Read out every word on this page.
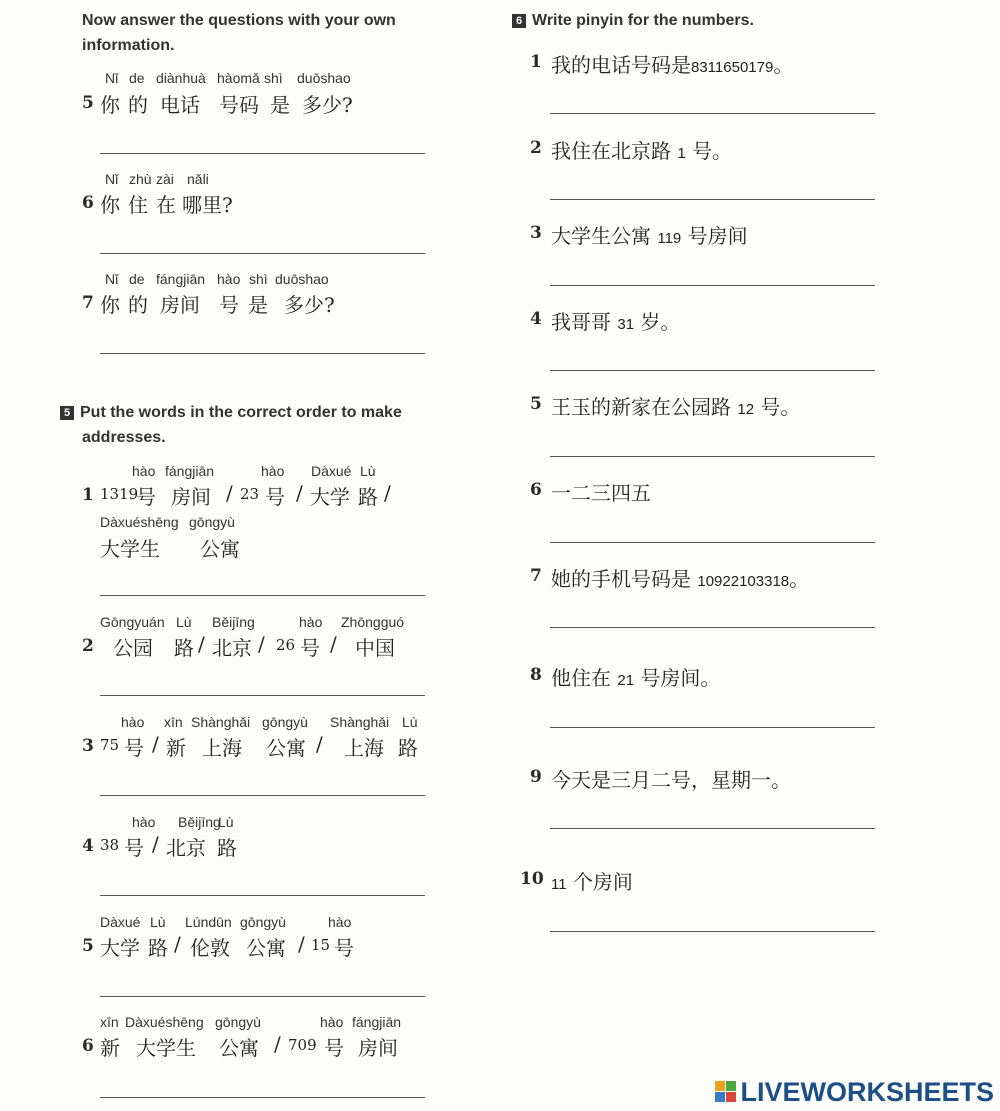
Now answer the questions with your own
information.
Nǐ de diànhuà hàomǎ shì duōshao
5 你 的 电话 号码 是 多少?
Nǐ zhù zài nǎli
6 你 住 在 哪里?
Nǐ de fángjiān hào shì duōshao
7 你 的 房间 号 是 多少?
5 Put the words in the correct order to make
addresses.
hào fángjiān	hào Dàxué Lù
1 1319
号 房间 / 23 号 / 大学 路 /
Dàxuéshēng gōngyù
大学生 公寓
Gōngyuán Lù Běijīng	hào Zhōngguó
2 公园 路 / 北京 / 26 号 / 中国
hào xīn Shànghǎi gōngyù Shànghǎi Lù
3 75 号 / 新 上海 公寓 / 上海 路
hào Běijīng
Lù
4 38 号 / 北京 路
Dàxué Lù Lúndūn gōngyù	hào
5 大学 路 / 伦敦 公寓 / 15 号
xīn Dàxuéshēng gōngyù	hào fángjiān
6 新 大学生 公寓 / 709 号 房间
6 Write pinyin for the numbers.
1 我的电话号码是8311650179。
2 我住在北京路 1 号。
3 大学生公寓 119 号房间
4 我哥哥 31 岁。
5 王玉的新家在公园路 12 号。
6 一二三四五
7 她的手机号码是 10922103318。
8 他住在 21 号房间。
9 今天是三月二号，星期一。
10 11 个房间
LIVEWORKSHEETS
